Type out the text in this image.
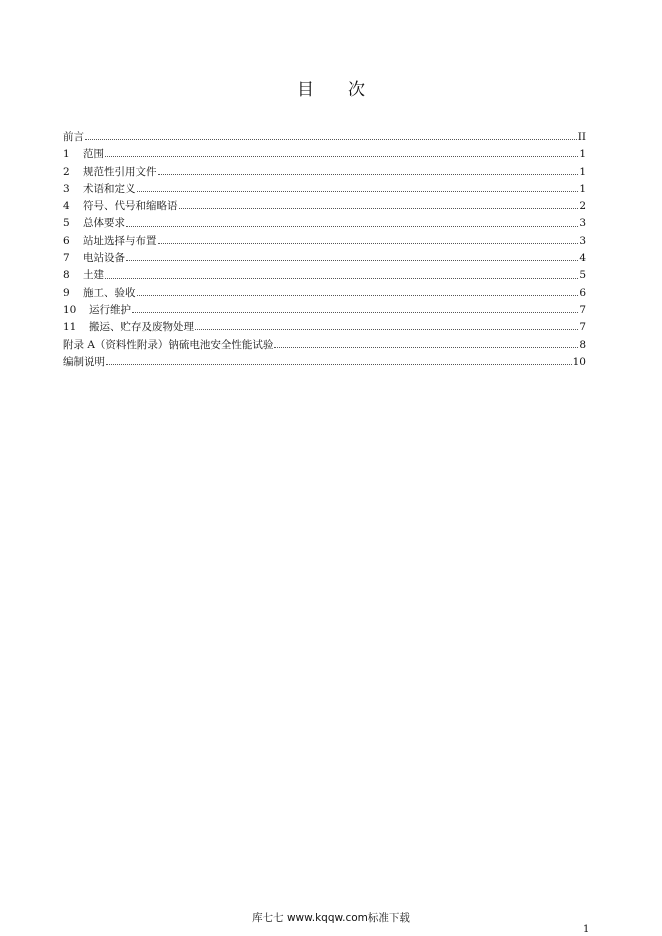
目 次
前言	II
1	范围	1
2	规范性引用文件	1
3	术语和定义	1
4	符号、代号和缩略语	2
5	总体要求	3
6	站址选择与布置	3
7	电站设备	4
8	土建	5
9	施工、验收	6
10	运行维护	7
11	搬运、贮存及废物处理	7
附录 A（资料性附录）钠硫电池安全性能试验	8
编制说明	10
库七七 www.kqqw.com标准下载
1
